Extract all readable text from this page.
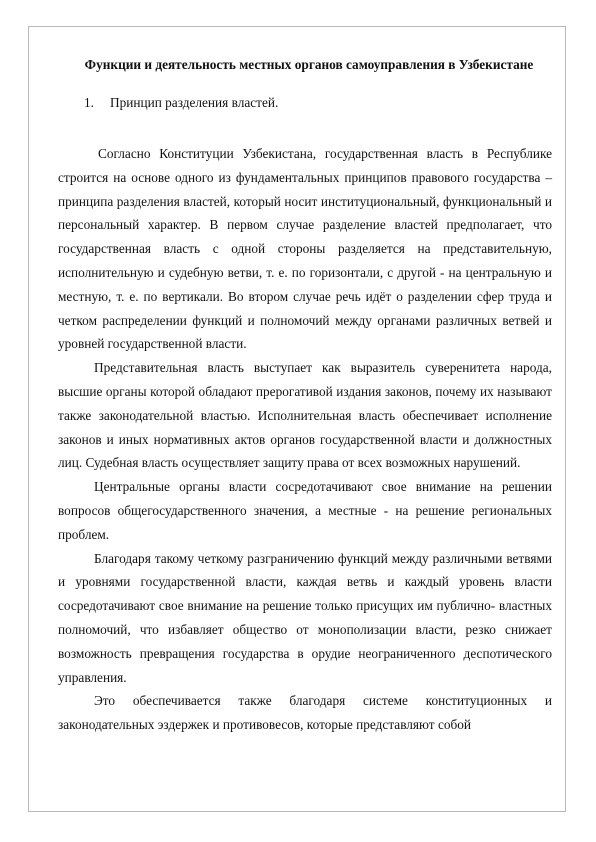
Функции и деятельность местных органов самоуправления в Узбекистане
1.	Принцип разделения властей.

Согласно Конституции Узбекистана, государственная власть в Республике строится на основе одного из фундаментальных принципов правового государства – принципа разделения властей, который носит институциональный, функциональный и персональный характер. В первом случае разделение властей предполагает, что государственная власть с одной стороны разделяется на представительную, исполнительную и судебную ветви, т. е. по горизонтали, с другой - на центральную и местную, т. е. по вертикали. Во втором случае речь идёт о разделении сфер труда и четком распределении функций и полномочий между органами различных ветвей и уровней государственной власти.

Представительная власть выступает как выразитель суверенитета народа, высшие органы которой обладают прерогативой издания законов, почему их называют также законодательной властью. Исполнительная власть обеспечивает исполнение законов и иных нормативных актов органов государственной власти и должностных лиц. Судебная власть осуществляет защиту права от всех возможных нарушений.

Центральные органы власти сосредотачивают свое внимание на решении вопросов общегосударственного значения, а местные - на решение региональных проблем.

Благодаря такому четкому разграничению функций между различными ветвями и уровнями государственной власти, каждая ветвь и каждый уровень власти сосредотачивают свое внимание на решение только присущих им публично- властных полномочий, что избавляет общество от монополизации власти, резко снижает возможность превращения государства в орудие неограниченного деспотического управления.

Это обеспечивается также благодаря системе конституционных и законодательных эздержек и противовесов, которые представляют собой
